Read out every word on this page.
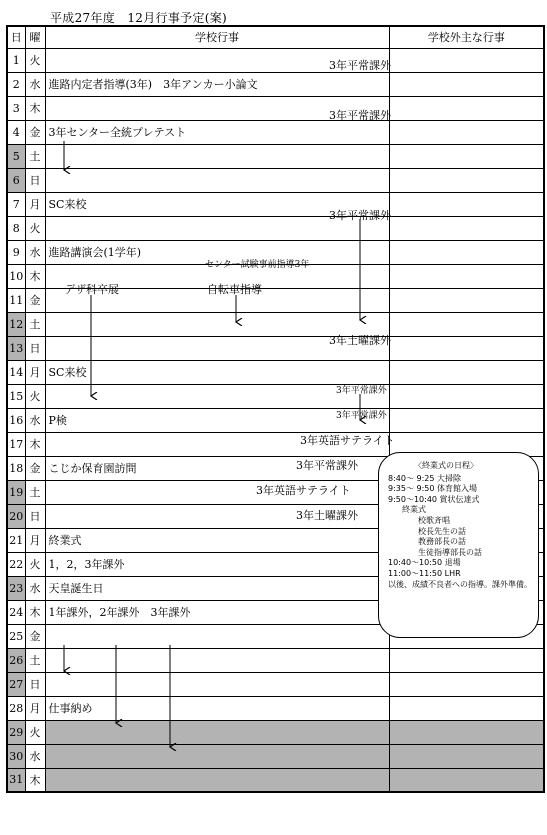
平成27年度　12月行事予定(案)
日	曜	学校行事	学校外主な行事
1	火		
2	水	進路内定者指導(3年)　3年アンカー小論文	
3	木		
4	金	3年センター全統プレテスト	
5	土		
6	日		
7	月	SC来校	
8	火		
9	水	進路講演会(1学年)	
10	木		
11	金		
12	土		
13	日		
14	月	SC来校	
15	火		
16	水	P検	
17	木		
18	金	こじか保育園訪問	
19	土		
20	日		
21	月	終業式	
22	火	1，2，3年課外	
23	水	天皇誕生日	
24	木	1年課外，2年課外　3年課外	
25	金		
26	土		
27	日		
28	月	仕事納め	
29	火		
30	水		
31	木		
3年平常課外
3年平常課外
3年平常課外
センター試験事前指導3年
デザ科卒展	自転車指導
3年土曜課外
3年平常課外
3年平常課外
3年英語サテライト
3年平常課外
3年英語サテライト
3年土曜課外
〈終業式の日程〉
8:40～ 9:25 大掃除
9:35～ 9:50 体育館入場
9:50～10:40 賞状伝達式
終業式
校歌斉唱
校長先生の話
教務部長の話
生徒指導部長の話
10:40～10:50 退場
11:00～11:50 LHR
以後、成績不良者への指導。課外準備。
